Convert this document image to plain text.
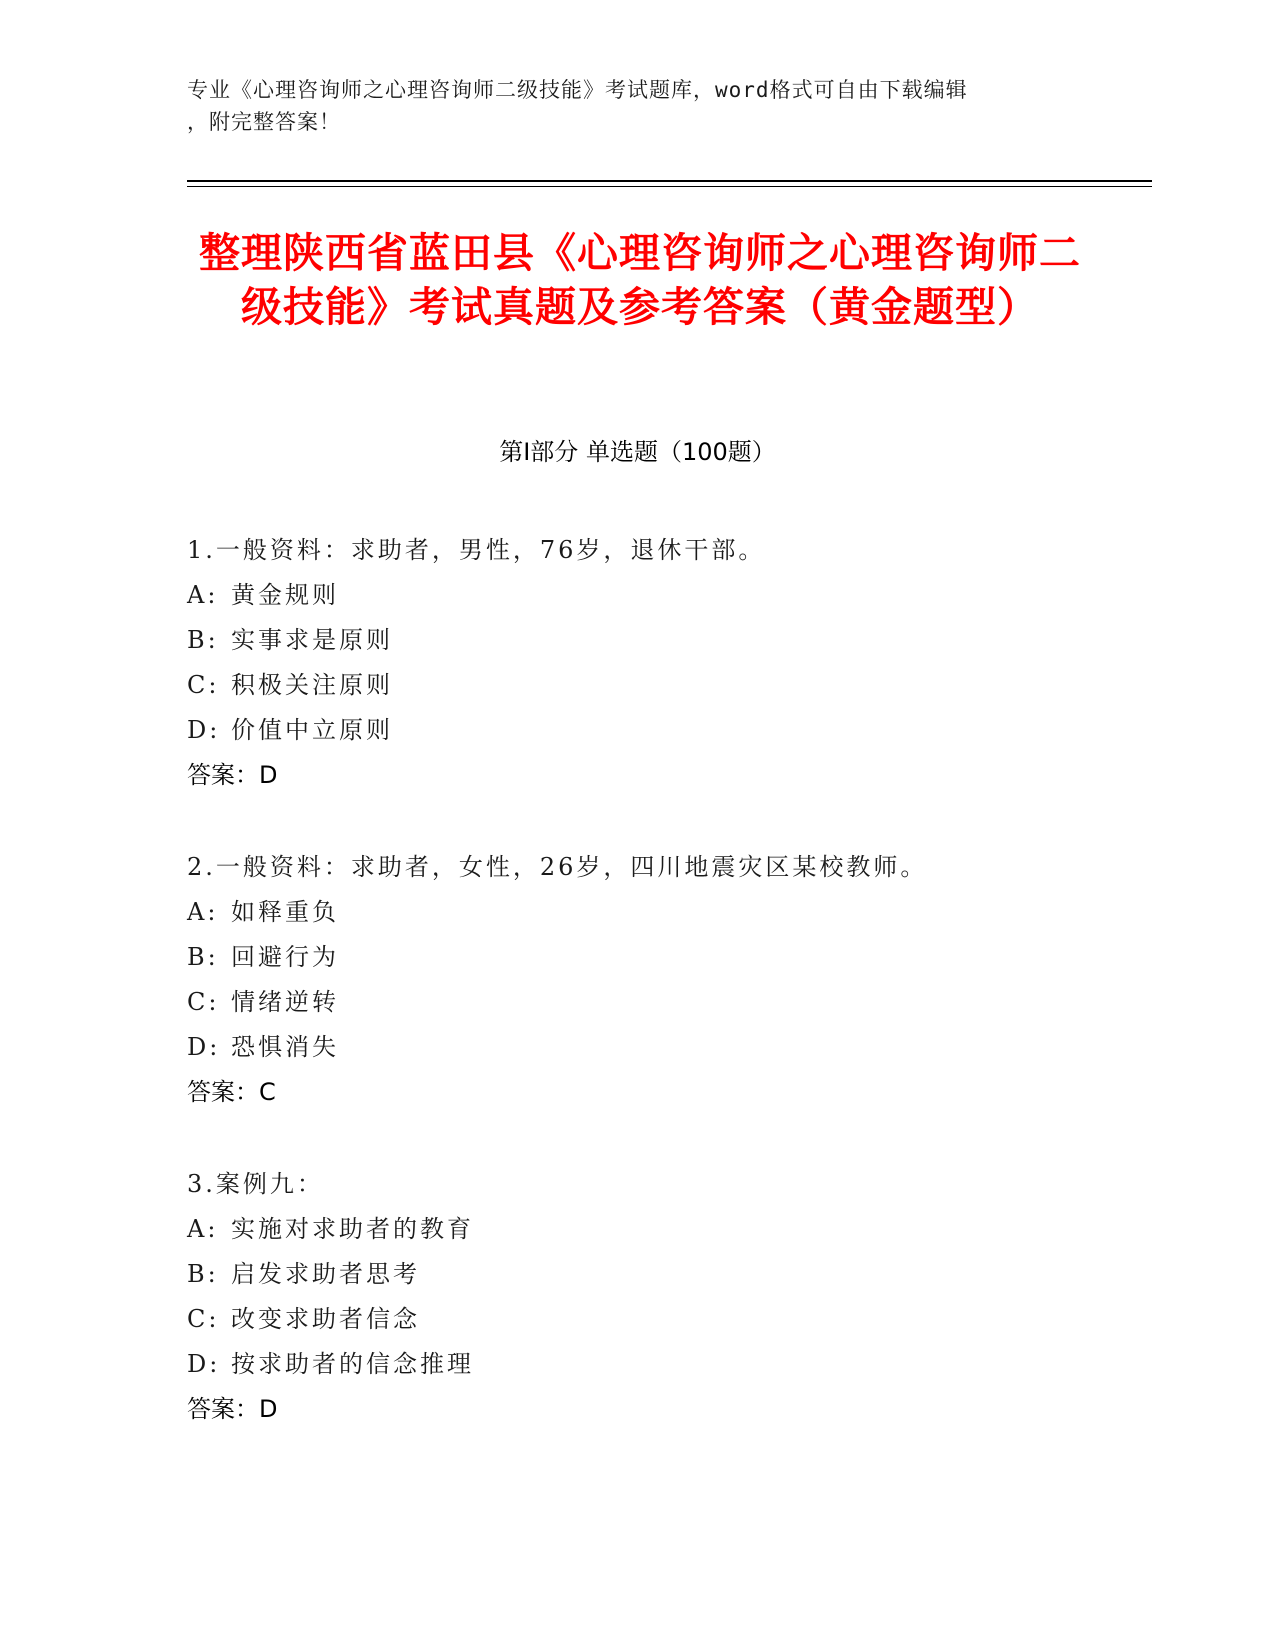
专业《心理咨询师之心理咨询师二级技能》考试题库，word格式可自由下载编辑
，附完整答案！
整理陕西省蓝田县《心理咨询师之心理咨询师二级技能》考试真题及参考答案（黄金题型）
第Ⅰ部分 单选题（100题）
1.一般资料：求助者，男性，76岁，退休干部。
A: 黄金规则
B: 实事求是原则
C: 积极关注原则
D: 价值中立原则
答案：D
2.一般资料：求助者，女性，26岁，四川地震灾区某校教师。
A: 如释重负
B: 回避行为
C: 情绪逆转
D: 恐惧消失
答案：C
3.案例九：
A: 实施对求助者的教育
B: 启发求助者思考
C: 改变求助者信念
D: 按求助者的信念推理
答案：D
